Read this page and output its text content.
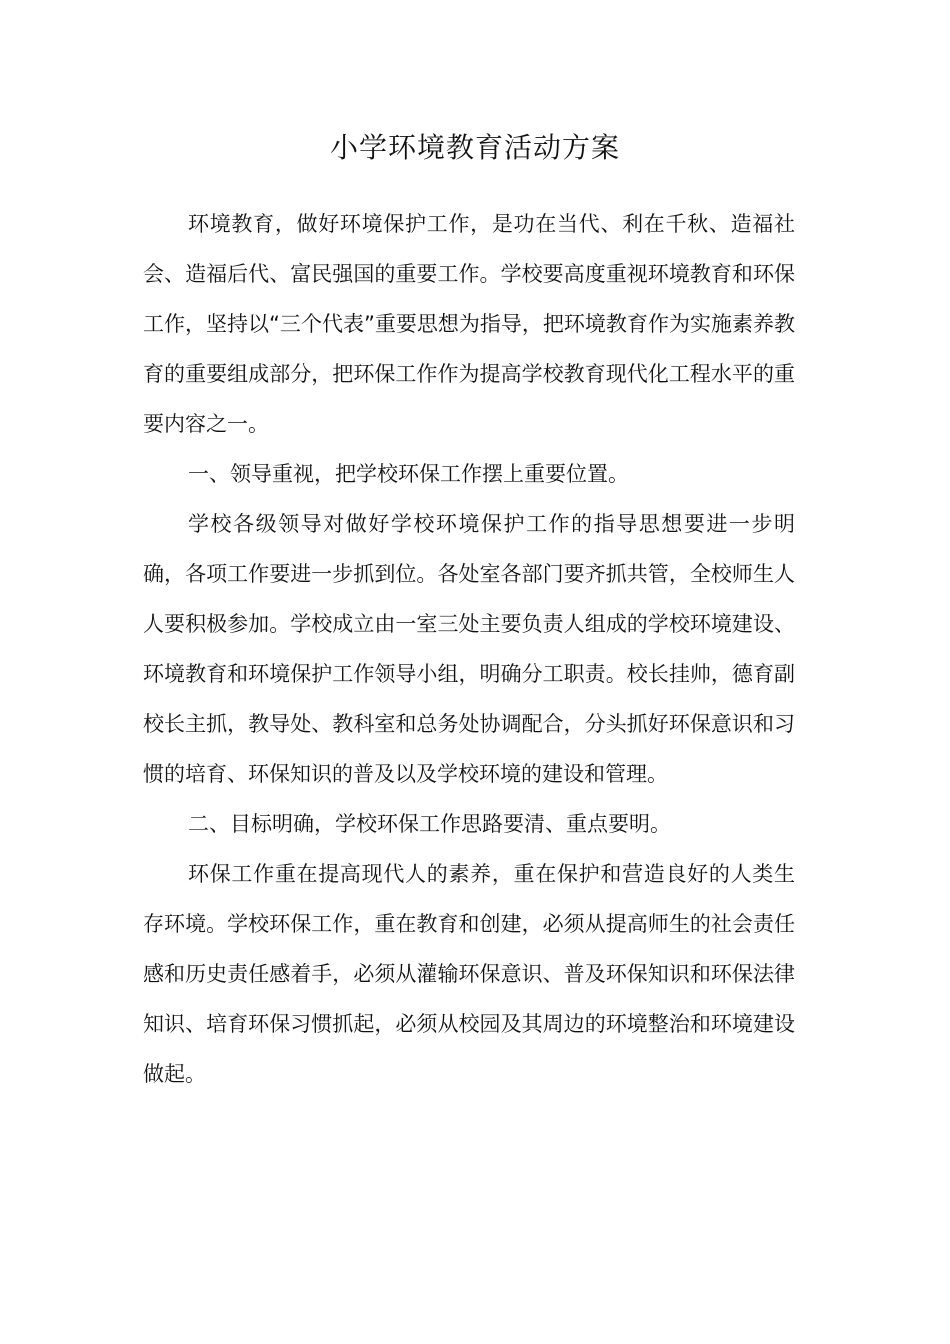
小学环境教育活动方案

环境教育，做好环境保护工作，是功在当代、利在千秋、造福社会、造福后代、富民强国的重要工作。学校要高度重视环境教育和环保工作，坚持以“三个代表”重要思想为指导，把环境教育作为实施素养教育的重要组成部分，把环保工作作为提高学校教育现代化工程水平的重要内容之一。

一、领导重视，把学校环保工作摆上重要位置。

学校各级领导对做好学校环境保护工作的指导思想要进一步明确，各项工作要进一步抓到位。各处室各部门要齐抓共管，全校师生人人要积极参加。学校成立由一室三处主要负责人组成的学校环境建设、环境教育和环境保护工作领导小组，明确分工职责。校长挂帅，德育副校长主抓，教导处、教科室和总务处协调配合，分头抓好环保意识和习惯的培育、环保知识的普及以及学校环境的建设和管理。

二、目标明确，学校环保工作思路要清、重点要明。

环保工作重在提高现代人的素养，重在保护和营造良好的人类生存环境。学校环保工作，重在教育和创建，必须从提高师生的社会责任感和历史责任感着手，必须从灌输环保意识、普及环保知识和环保法律知识、培育环保习惯抓起，必须从校园及其周边的环境整治和环境建设做起。
